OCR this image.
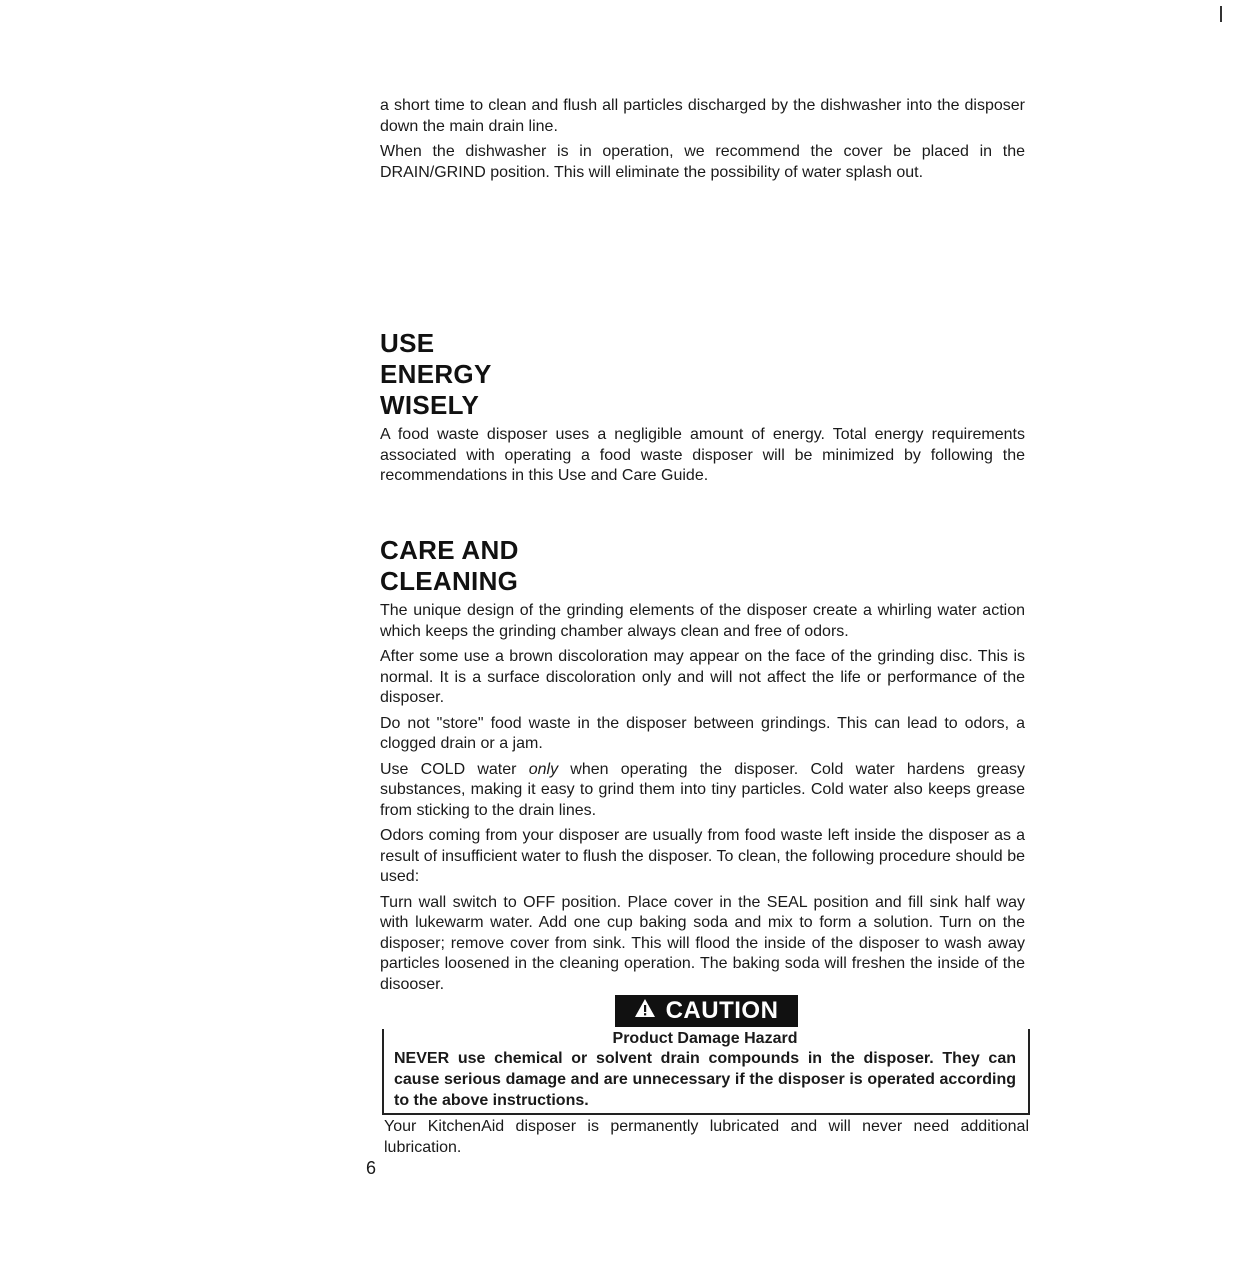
a short time to clean and flush all particles discharged by the dishwasher into the disposer down the main drain line.

When the dishwasher is in operation, we recommend the cover be placed in the DRAIN/GRIND position. This will eliminate the possibility of water splash out.

USE
ENERGY
WISELY

A food waste disposer uses a negligible amount of energy. Total energy requirements associated with operating a food waste disposer will be minimized by following the recommendations in this Use and Care Guide.

CARE AND
CLEANING

The unique design of the grinding elements of the disposer create a whirling water action which keeps the grinding chamber always clean and free of odors.

After some use a brown discoloration may appear on the face of the grinding disc. This is normal. It is a surface discoloration only and will not affect the life or performance of the disposer.

Do not "store" food waste in the disposer between grindings. This can lead to odors, a clogged drain or a jam.

Use COLD water only when operating the disposer. Cold water hardens greasy substances, making it easy to grind them into tiny particles. Cold water also keeps grease from sticking to the drain lines.

Odors coming from your disposer are usually from food waste left inside the disposer as a result of insufficient water to flush the disposer. To clean, the following procedure should be used:

Turn wall switch to OFF position. Place cover in the SEAL position and fill sink half way with lukewarm water. Add one cup baking soda and mix to form a solution. Turn on the disposer; remove cover from sink. This will flood the inside of the disposer to wash away particles loosened in the cleaning operation. The baking soda will freshen the inside of the disooser.

CAUTION
Product Damage Hazard
NEVER use chemical or solvent drain compounds in the disposer. They can cause serious damage and are unnecessary if the disposer is operated according to the above instructions.

Your KitchenAid disposer is permanently lubricated and will never need additional lubrication.

6
